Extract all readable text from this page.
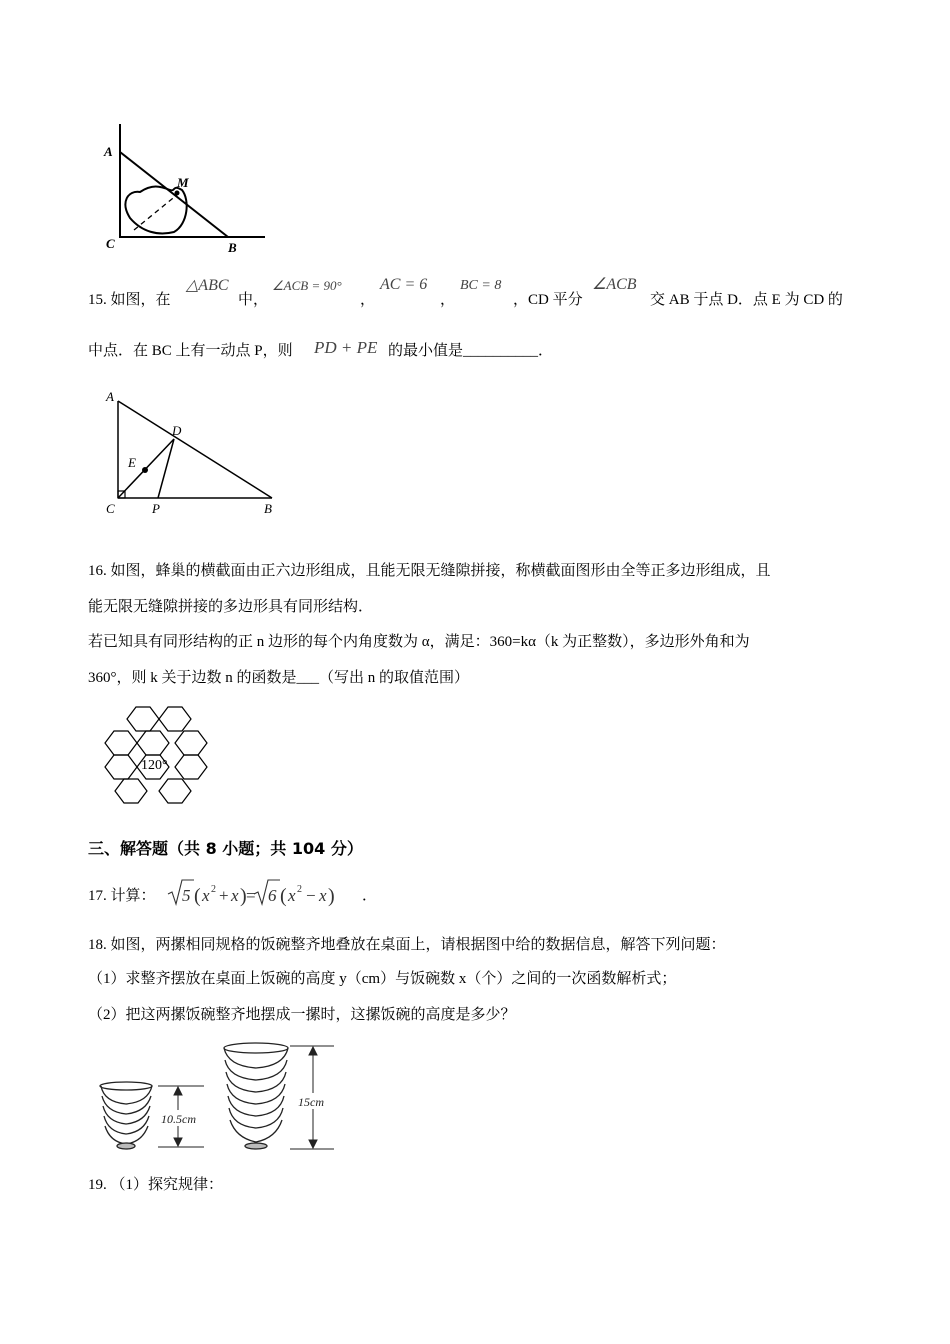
A
M
C	B
15. 如图，在
△ABC
中，
∠ACB = 90°
，
AC = 6
，
BC = 8
，CD 平分
∠ACB
交 AB 于点 D．点 E 为 CD 的
中点．在 BC 上有一动点 P，则 PD + PE 的最小值是__________．
A
D
E
C	P	B
16. 如图，蜂巢的横截面由正六边形组成，且能无限无缝隙拼接，称横截面图形由全等正多边形组成，且
能无限无缝隙拼接的多边形具有同形结构．
若已知具有同形结构的正 n 边形的每个内角度数为 α，满足：360=kα（k 为正整数），多边形外角和为
360°，则 k 关于边数 n 的函数是___（写出 n 的取值范围）
120°
三、解答题（共 8 小题；共 104 分）
17. 计算： 5 ( x 2 + x ) = 6 ( x 2 − x ) ．
18. 如图，两摞相同规格的饭碗整齐地叠放在桌面上，请根据图中给的数据信息，解答下列问题：
（1）求整齐摆放在桌面上饭碗的高度 y（cm）与饭碗数 x（个）之间的一次函数解析式；
（2）把这两摞饭碗整齐地摆成一摞时，这摞饭碗的高度是多少？
10.5cm
15cm
19. （1）探究规律：
